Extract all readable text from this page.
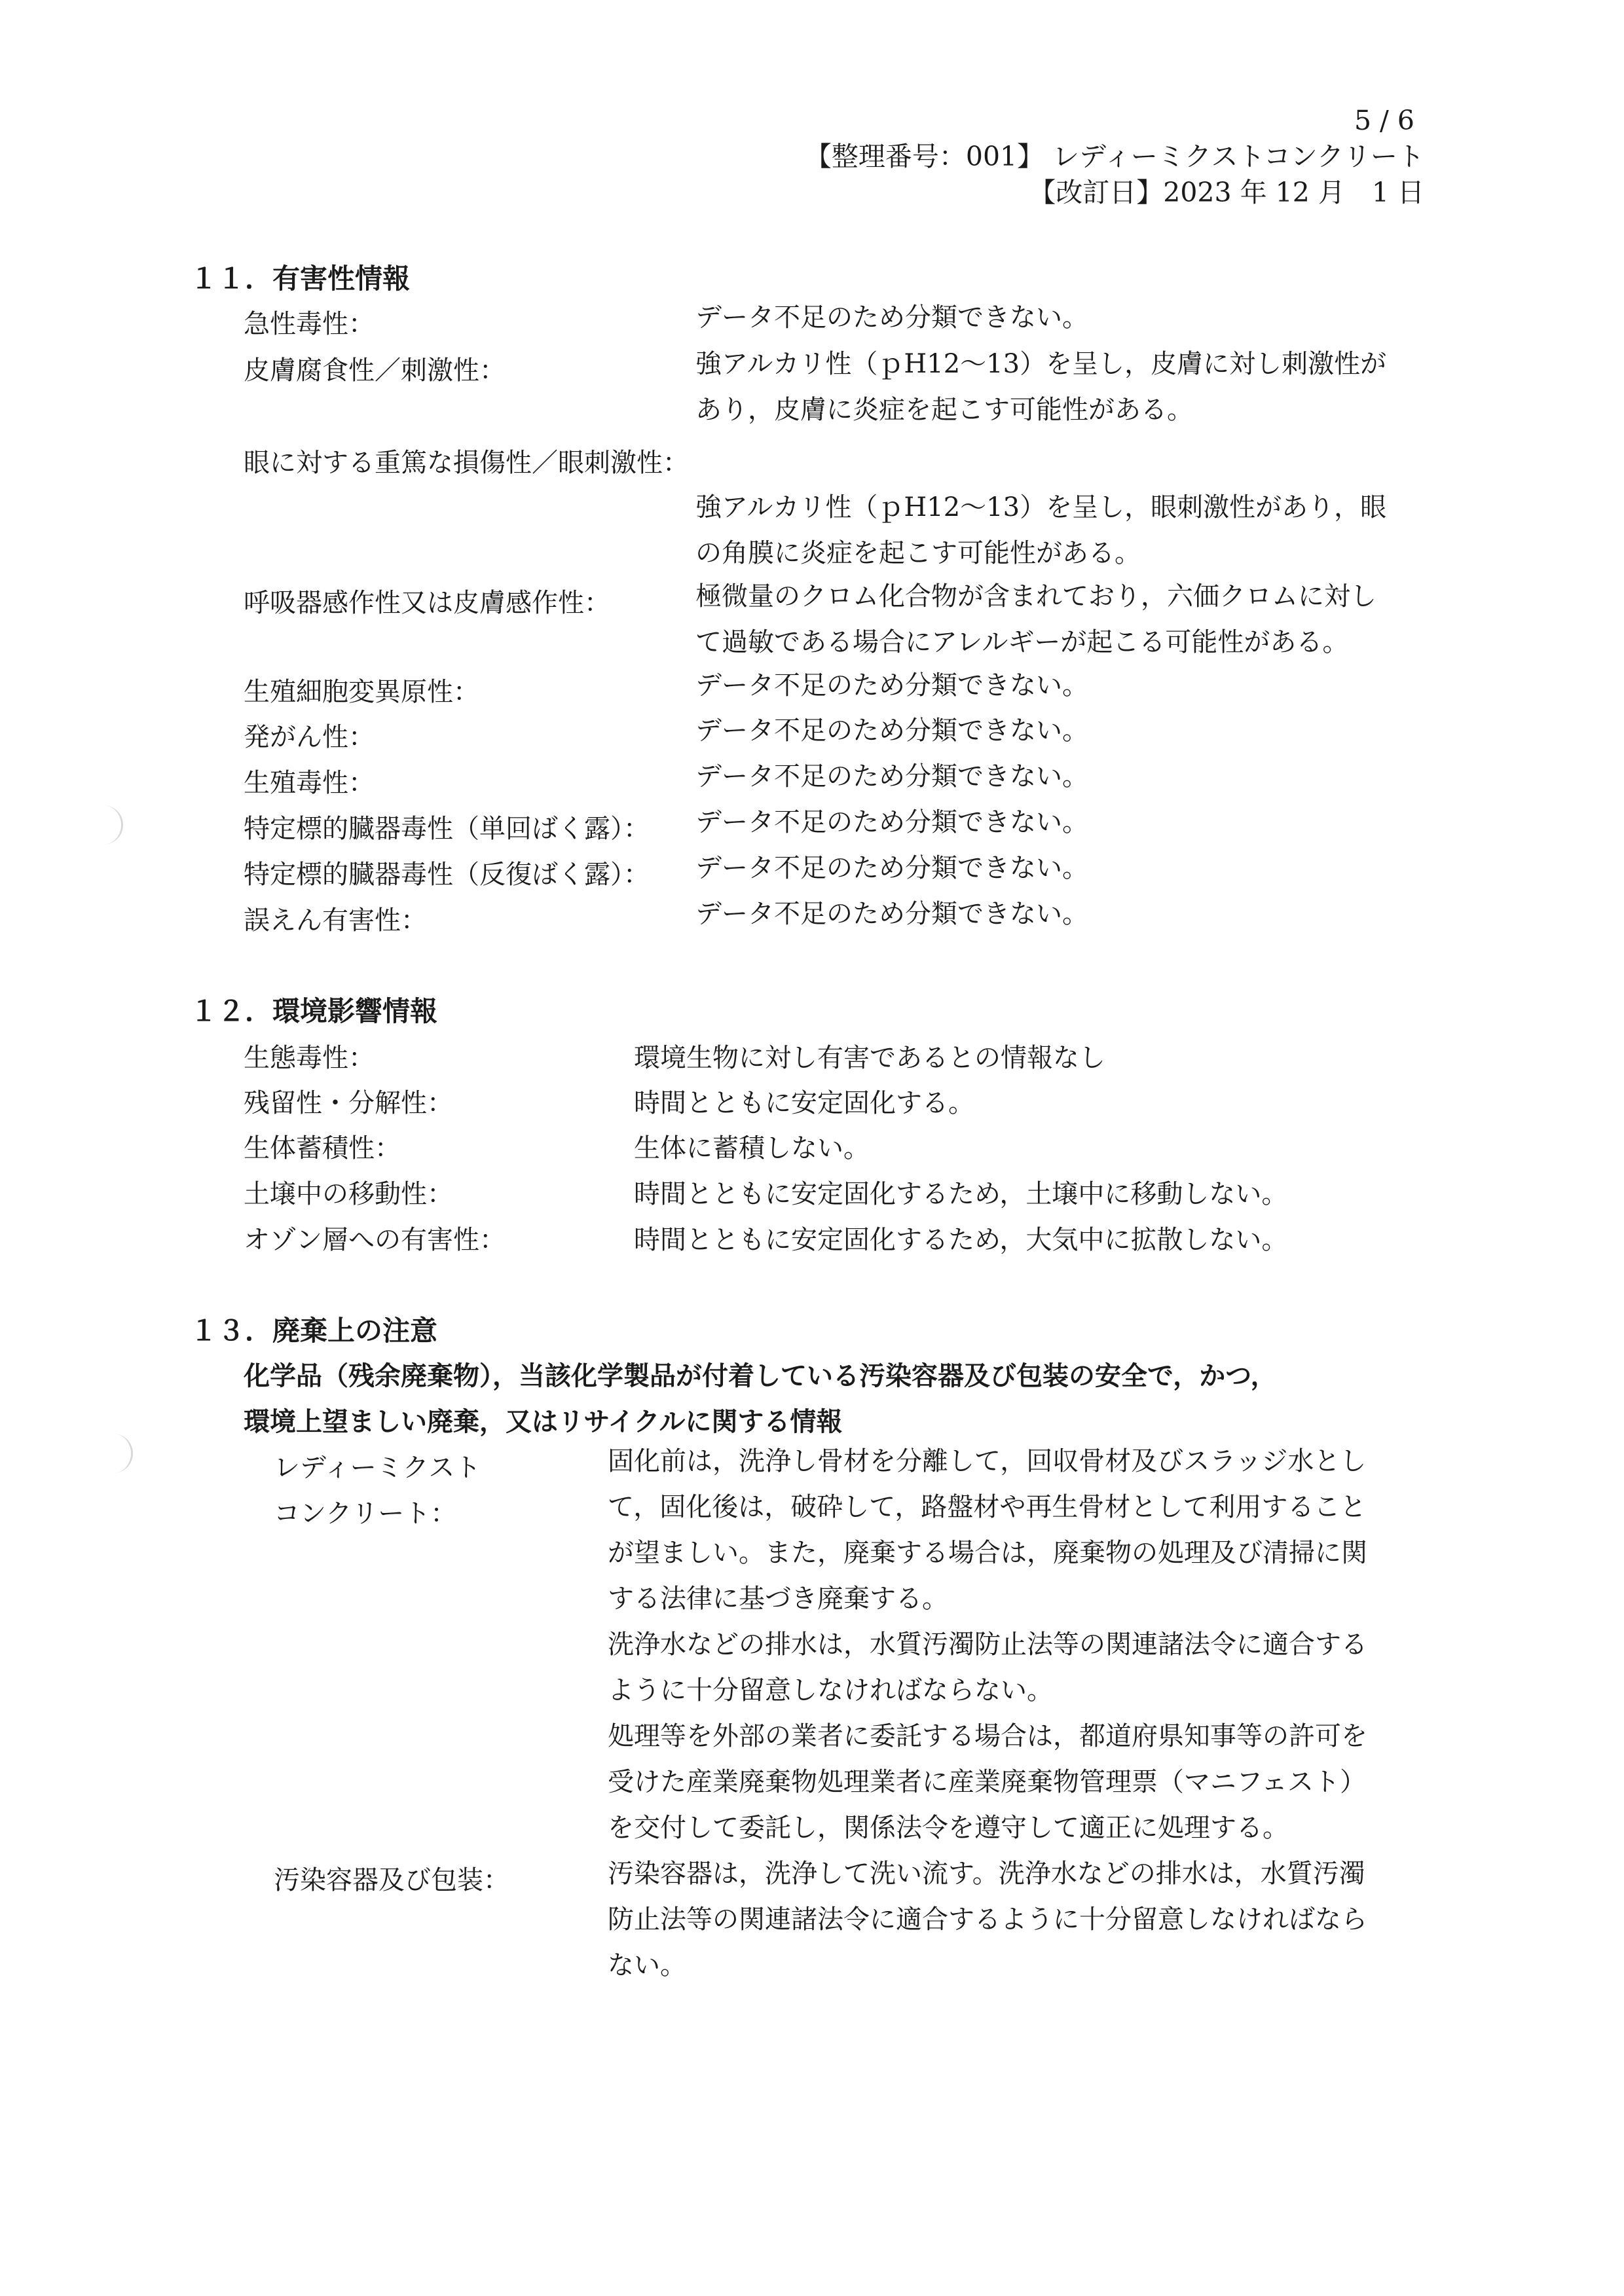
5 / 6
【整理番号：001】 レディーミクストコンクリート
【改訂日】2023 年 12 月　1 日
１１．有害性情報
急性毒性：	データ不足のため分類できない。
皮膚腐食性／刺激性：	強アルカリ性（ｐH12〜13）を呈し，皮膚に対し刺激性が
あり，皮膚に炎症を起こす可能性がある。
眼に対する重篤な損傷性／眼刺激性：
強アルカリ性（ｐH12〜13）を呈し，眼刺激性があり，眼
の角膜に炎症を起こす可能性がある。
呼吸器感作性又は皮膚感作性：	極微量のクロム化合物が含まれており，六価クロムに対し
て過敏である場合にアレルギーが起こる可能性がある。
生殖細胞変異原性：	データ不足のため分類できない。
発がん性：	データ不足のため分類できない。
生殖毒性：	データ不足のため分類できない。
特定標的臓器毒性（単回ばく露）： データ不足のため分類できない。
特定標的臓器毒性（反復ばく露）： データ不足のため分類できない。
誤えん有害性：	データ不足のため分類できない。
１２．環境影響情報
生態毒性：	環境生物に対し有害であるとの情報なし
残留性・分解性：	時間とともに安定固化する。
生体蓄積性：	生体に蓄積しない。
土壌中の移動性：	時間とともに安定固化するため，土壌中に移動しない。
オゾン層への有害性：	時間とともに安定固化するため，大気中に拡散しない。
１３．廃棄上の注意
化学品（残余廃棄物），当該化学製品が付着している汚染容器及び包装の安全で，かつ，
環境上望ましい廃棄，又はリサイクルに関する情報
レディーミクスト
コンクリート：
固化前は，洗浄し骨材を分離して，回収骨材及びスラッジ水とし
て，固化後は，破砕して，路盤材や再生骨材として利用すること
が望ましい。また，廃棄する場合は，廃棄物の処理及び清掃に関
する法律に基づき廃棄する。
洗浄水などの排水は，水質汚濁防止法等の関連諸法令に適合する
ように十分留意しなければならない。
処理等を外部の業者に委託する場合は，都道府県知事等の許可を
受けた産業廃棄物処理業者に産業廃棄物管理票（マニフェスト）
を交付して委託し，関係法令を遵守して適正に処理する。
汚染容器及び包装：	汚染容器は，洗浄して洗い流す。洗浄水などの排水は，水質汚濁
防止法等の関連諸法令に適合するように十分留意しなければなら
ない。
